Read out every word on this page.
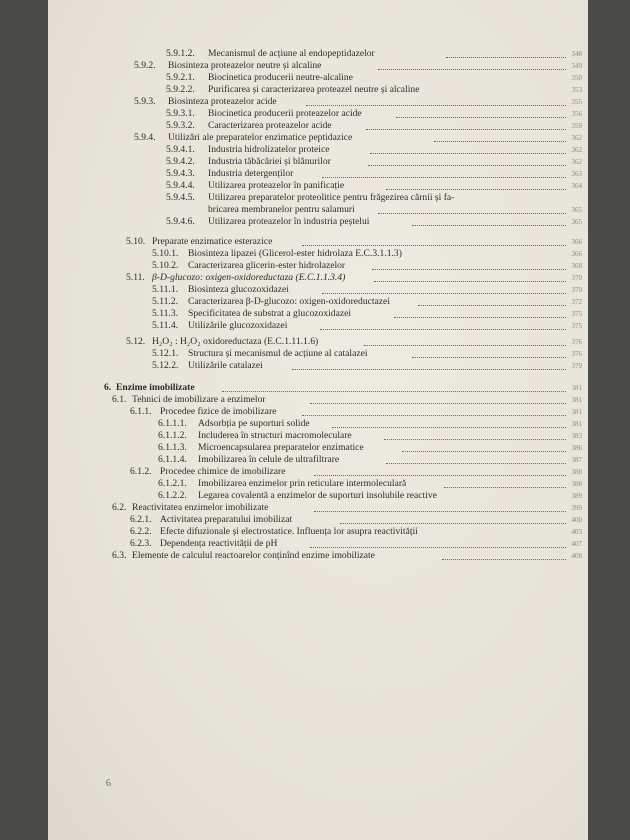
5.9.1.2. Mecanismul de acțiune al endopeptidazelor	348
5.9.2. Biosinteza proteazelor neutre și alcaline	349
5.9.2.1. Biocinetica producerii neutre-alcaline	350
5.9.2.2. Purificarea și caracterizarea proteazel neutre și alcaline	353
5.9.3. Biosinteza proteazelor acide	355
5.9.3.1. Biocinetica producerii proteazelor acide	356
5.9.3.2. Caracterizarea proteazelor acide	359
5.9.4. Utilizări ale preparatelor enzimatice peptidazice	362
5.9.4.1. Industria hidrolizatelor proteice	362
5.9.4.2. Industria tăbăcăriei și blănurilor	362
5.9.4.3. Industria detergenților	363
5.9.4.4. Utilizarea proteazelor în panificație	364
5.9.4.5. Utilizarea preparatelor proteolitice pentru frăgezirea cărnii și fa-
bricarea membranelor pentru salamuri	365
5.9.4.6. Utilizarea proteazelor în industria peștelui	365
5.10. Preparate enzimatice esterazice	366
5.10.1. Biosinteza lipazei (Glicerol-ester hidrolaza E.C.3.1.1.3)	366
5.10.2. Caracterizarea glicerin-ester hidrolazelor	368
5.11. β-D-glucozo: oxigen-oxidoreductaza (E.C.1.1.3.4)	370
5.11.1. Biosinteza glucozoxidazei	370
5.11.2. Caracterizarea β-D-glucozo: oxigen-oxidoreductazei	372
5.11.3. Specificitatea de substrat a glucozoxidazei	375
5.11.4. Utilizările glucozoxidazei	375
5.12. H₂O₂ : H₂O₂ oxidoreductaza (E.C.1.11.1.6)	376
5.12.1. Structura și mecanismul de acțiune al catalazei	376
5.12.2. Utilizările catalazei	379
6. Enzime imobilizate	381
6.1. Tehnici de imobilizare a enzimelor	381
6.1.1. Procedee fizice de imobilizare	381
6.1.1.1. Adsorbția pe suporturi solide	381
6.1.1.2. Includerea în structuri macromoleculare	383
6.1.1.3. Microencapsularea preparatelor enzimatice	386
6.1.1.4. Imobilizarea în celule de ultrafiltrare	387
6.1.2. Procedee chimice de imobilizare	388
6.1.2.1. Imobilizarea enzimelor prin reticulare intermoleculară	388
6.1.2.2. Legarea covalentă a enzimelor de suporturi insolubile reactive	389
6.2. Reactivitatea enzimelor imobilizate	399
6.2.1. Activitatea preparatului imobilizat	400
6.2.2. Efecte difuzionale și electrostatice. Influența lor asupra reactivității	403
6.2.3. Dependența reactivității de pH	407
6.3. Elemente de calculul reactoarelor conținînd enzime imobilizate	408
6
